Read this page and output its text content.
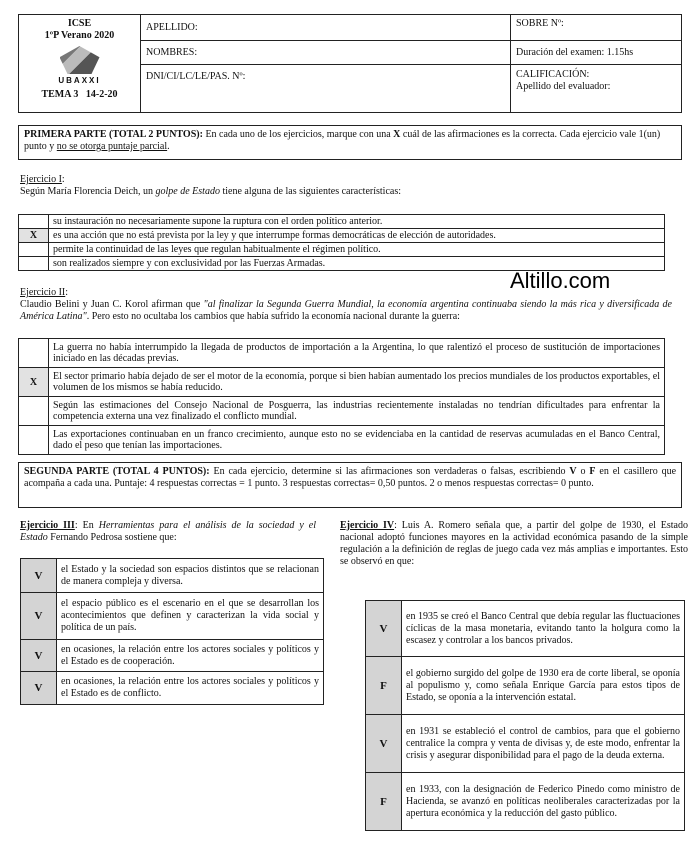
ICSE
1ºP Verano 2020
UBAXXI
TEMA 3 14-2-20	APELLIDO:	SOBRE Nº:
	NOMBRES:	Duración del examen: 1.15hs
	DNI/CI/LC/LE/PAS. Nº:	CALIFICACIÓN:
Apellido del evaluador:
PRIMERA PARTE (TOTAL 2 PUNTOS): En cada uno de los ejercicios, marque con una X cuál de las afirmaciones es la correcta. Cada ejercicio vale 1(un) punto y no se otorga puntaje parcial.
Ejercicio I:
Según María Florencia Deich, un golpe de Estado tiene alguna de las siguientes características:
	su instauración no necesariamente supone la ruptura con el orden político anterior.
X	es una acción que no está prevista por la ley y que interrumpe formas democráticas de elección de autoridades.
	permite la continuidad de las leyes que regulan habitualmente el régimen político.
	son realizados siempre y con exclusividad por las Fuerzas Armadas.
Altillo.com
Ejercicio II:

Claudio Belini y Juan C. Korol afirman que "al finalizar la Segunda Guerra Mundial, la economía argentina continuaba siendo la más rica y diversificada de América Latina". Pero esto no ocultaba los cambios que había sufrido la economía nacional durante la guerra:

	La guerra no había interrumpido la llegada de productos de importación a la Argentina, lo que ralentizó el proceso de sustitución de importaciones iniciado en las décadas previas.
X	El sector primario había dejado de ser el motor de la economía, porque si bien habían aumentado los precios mundiales de los productos exportables, el volumen de los mismos se había reducido.
	Según las estimaciones del Consejo Nacional de Posguerra, las industrias recientemente instaladas no tendrían dificultades para enfrentar la competencia externa una vez finalizado el conflicto mundial.
	Las exportaciones continuaban en un franco crecimiento, aunque esto no se evidenciaba en la cantidad de reservas acumuladas en el Banco Central, dado el peso que tenían las importaciones.
SEGUNDA PARTE (TOTAL 4 PUNTOS): En cada ejercicio, determine si las afirmaciones son verdaderas o falsas, escribiendo V o F en el casillero que acompaña a cada una. Puntaje: 4 respuestas correctas = 1 punto. 3 respuestas correctas= 0,50 puntos. 2 o menos respuestas correctas= 0 punto.

Ejercicio III: En Herramientas para el análisis de la sociedad y el Estado Fernando Pedrosa sostiene que:

V	el Estado y la sociedad son espacios distintos que se relacionan de manera compleja y diversa.
V	el espacio público es el escenario en el que se desarrollan los acontecimientos que definen y caracterizan la vida social y política de un país.
V	en ocasiones, la relación entre los actores sociales y políticos y el Estado es de cooperación.
V	en ocasiones, la relación entre los actores sociales y políticos y el Estado es de conflicto.

Ejercicio IV: Luis A. Romero señala que, a partir del golpe de 1930, el Estado nacional adoptó funciones mayores en la actividad económica pasando de la simple regulación a la definición de reglas de juego cada vez más amplias e importantes. Esto se observó en que:

V	en 1935 se creó el Banco Central que debía regular las fluctuaciones cíclicas de la masa monetaria, evitando tanto la holgura como la escasez y controlar a los bancos privados.
F	el gobierno surgido del golpe de 1930 era de corte liberal, se oponía al populismo y, como señala Enrique García para estos tipos de Estado, se oponía a la intervención estatal.
V	en 1931 se estableció el control de cambios, para que el gobierno centralice la compra y venta de divisas y, de este modo, enfrentar la crisis y asegurar disponibilidad para el pago de la deuda externa.
F	en 1933, con la designación de Federico Pinedo como ministro de Hacienda, se avanzó en políticas neoliberales caracterizadas por la apertura económica y la reducción del gasto público.
